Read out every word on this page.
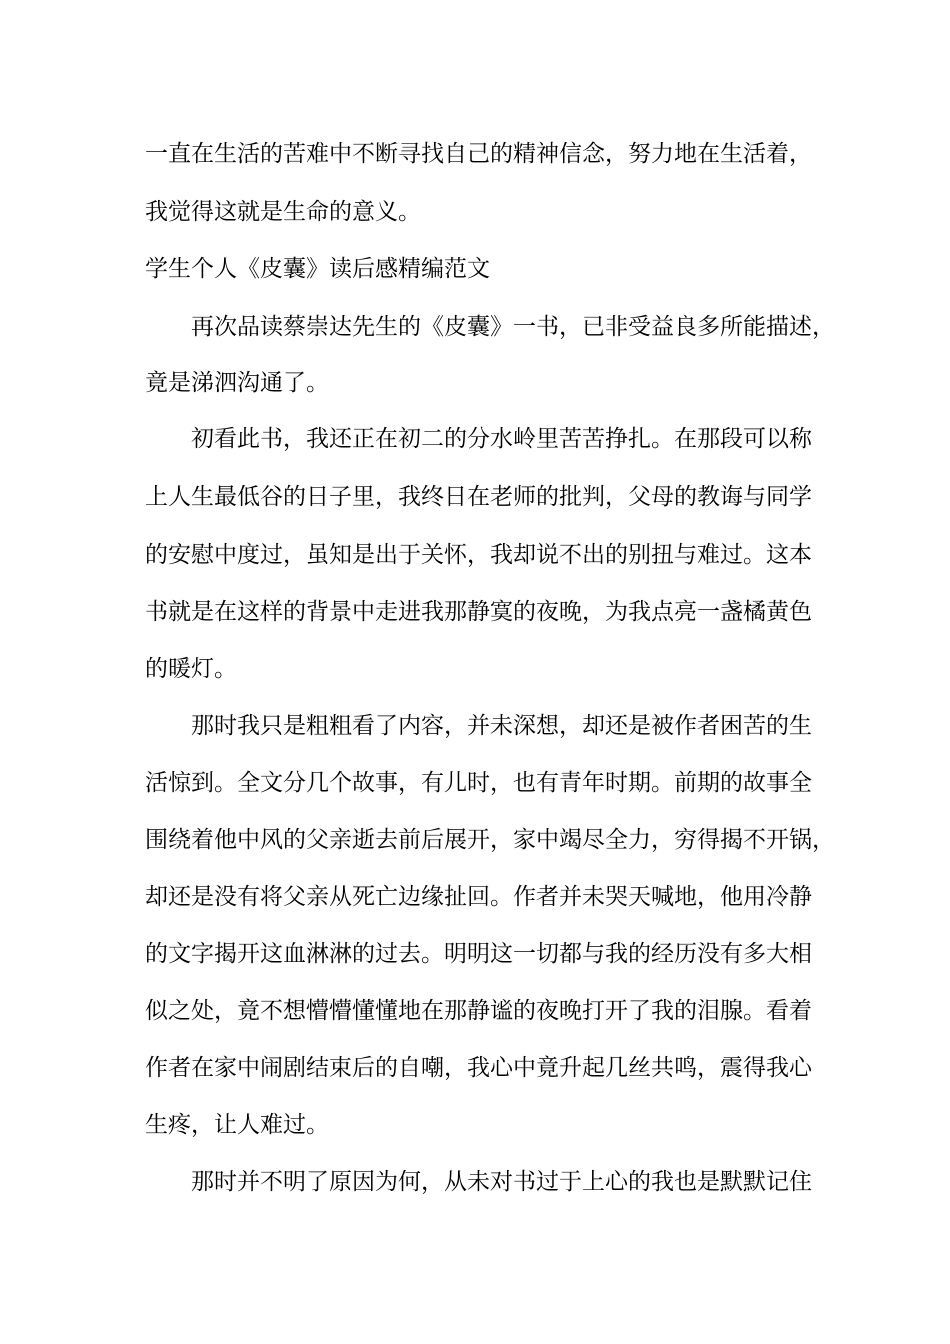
一直在生活的苦难中不断寻找自己的精神信念，努力地在生活着，

我觉得这就是生命的意义。

学生个人《皮囊》读后感精编范文

　　再次品读蔡崇达先生的《皮囊》一书，已非受益良多所能描述，

竟是涕泗沟通了。

　　初看此书，我还正在初二的分水岭里苦苦挣扎。在那段可以称

上人生最低谷的日子里，我终日在老师的批判，父母的教诲与同学

的安慰中度过，虽知是出于关怀，我却说不出的别扭与难过。这本

书就是在这样的背景中走进我那静寞的夜晚，为我点亮一盏橘黄色

的暖灯。

　　那时我只是粗粗看了内容，并未深想，却还是被作者困苦的生

活惊到。全文分几个故事，有儿时，也有青年时期。前期的故事全

围绕着他中风的父亲逝去前后展开，家中竭尽全力，穷得揭不开锅，

却还是没有将父亲从死亡边缘扯回。作者并未哭天喊地，他用冷静

的文字揭开这血淋淋的过去。明明这一切都与我的经历没有多大相

似之处，竟不想懵懵懂懂地在那静谧的夜晚打开了我的泪腺。看着

作者在家中闹剧结束后的自嘲，我心中竟升起几丝共鸣，震得我心

生疼，让人难过。

　　那时并不明了原因为何，从未对书过于上心的我也是默默记住
